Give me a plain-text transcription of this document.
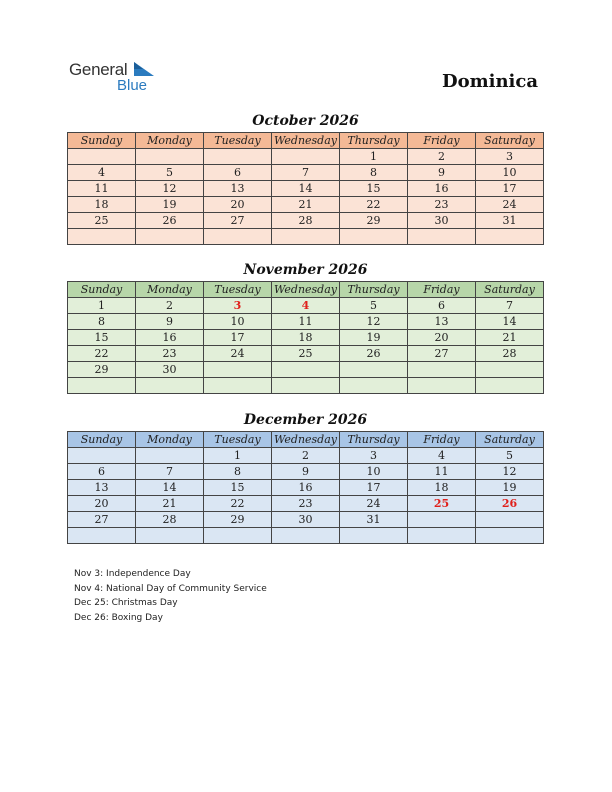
General
Blue	Dominica
October 2026
Sunday	Monday	Tuesday	Wednesday	Thursday	Friday	Saturday
				1	2	3
4	5	6	7	8	9	10
11	12	13	14	15	16	17
18	19	20	21	22	23	24
25	26	27	28	29	30	31

November 2026
Sunday	Monday	Tuesday	Wednesday	Thursday	Friday	Saturday
1	2	3	4	5	6	7
8	9	10	11	12	13	14
15	16	17	18	19	20	21
22	23	24	25	26	27	28
29	30					

December 2026
Sunday	Monday	Tuesday	Wednesday	Thursday	Friday	Saturday
		1	2	3	4	5
6	7	8	9	10	11	12
13	14	15	16	17	18	19
20	21	22	23	24	25	26
27	28	29	30	31		

Nov 3: Independence Day
Nov 4: National Day of Community Service
Dec 25: Christmas Day
Dec 26: Boxing Day
